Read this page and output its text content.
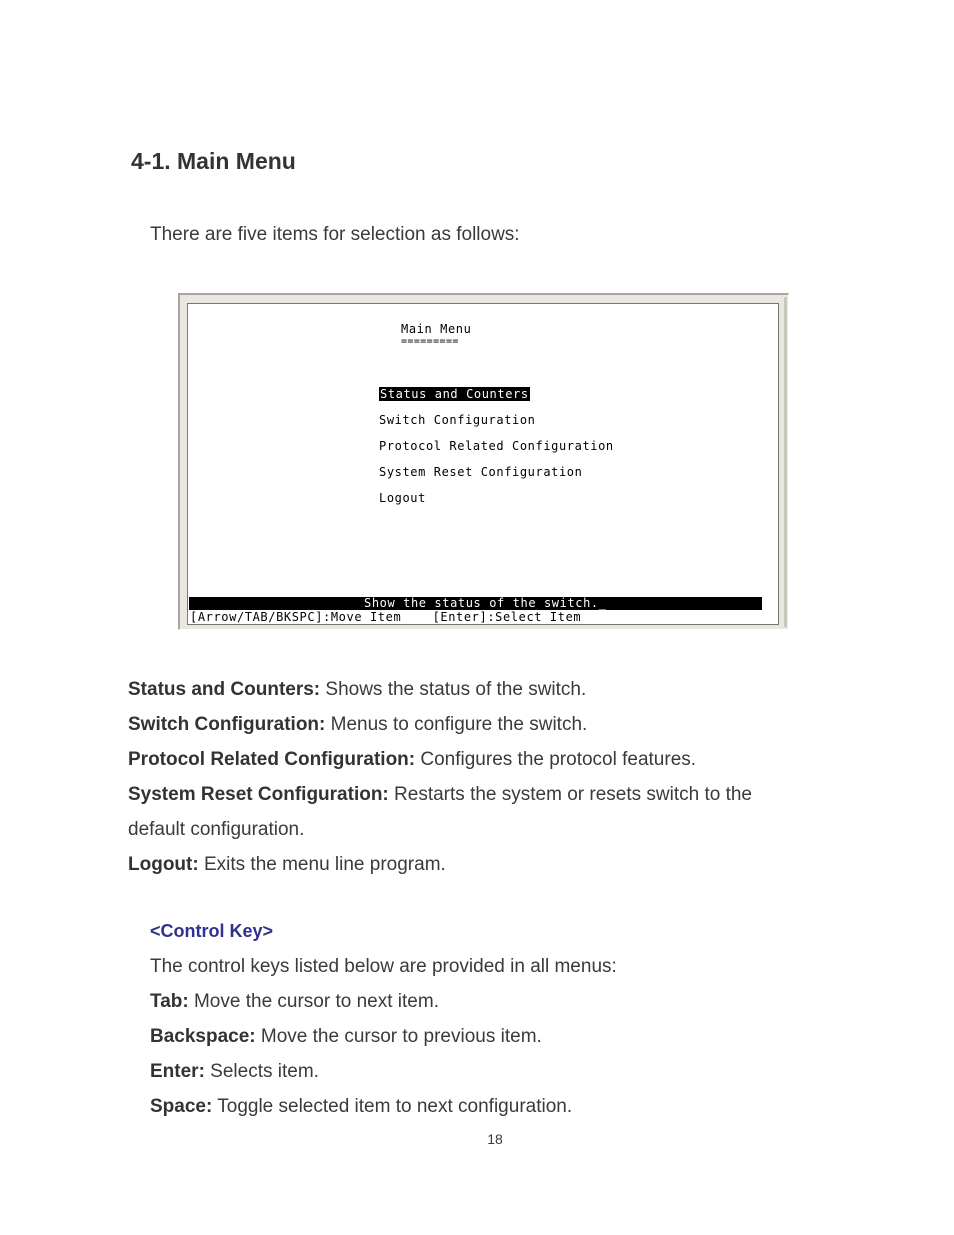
4-1. Main Menu
There are five items for selection as follows:
Main Menu
=========
Status and Counters
Switch Configuration
Protocol Related Configuration
System Reset Configuration
Logout
Show the status of the switch._
[Arrow/TAB/BKSPC]:Move Item    [Enter]:Select Item
Status and Counters: Shows the status of the switch.
Switch Configuration: Menus to configure the switch.
Protocol Related Configuration: Configures the protocol features.
System Reset Configuration: Restarts the system or resets switch to the
default configuration.
Logout: Exits the menu line program.
<Control Key>
The control keys listed below are provided in all menus:
Tab: Move the cursor to next item.
Backspace: Move the cursor to previous item.
Enter: Selects item.
Space: Toggle selected item to next configuration.
18
